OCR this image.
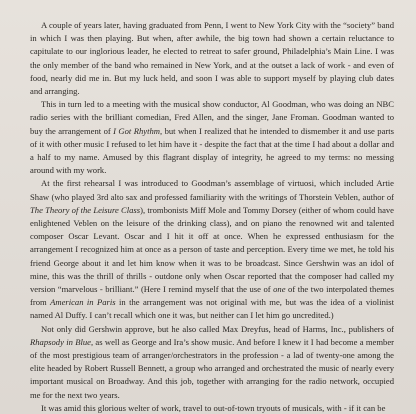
A couple of years later, having graduated from Penn, I went to New York City with the “society” band in which I was then playing. But when, after awhile, the big town had shown a certain reluctance to capitulate to our inglorious leader, he elected to retreat to safer ground, Philadelphia’s Main Line. I was the only member of the band who remained in New York, and at the outset a lack of work - and even of food, nearly did me in. But my luck held, and soon I was able to support myself by playing club dates and arranging.

This in turn led to a meeting with the musical show conductor, Al Goodman, who was doing an NBC radio series with the brilliant comedian, Fred Allen, and the singer, Jane Froman. Goodman wanted to buy the arrangement of I Got Rhythm, but when I realized that he intended to dismember it and use parts of it with other music I refused to let him have it - despite the fact that at the time I had about a dollar and a half to my name. Amused by this flagrant display of integrity, he agreed to my terms: no messing around with my work.

At the first rehearsal I was introduced to Goodman’s assemblage of virtuosi, which included Artie Shaw (who played 3rd alto sax and professed familiarity with the writings of Thorstein Veblen, author of The Theory of the Leisure Class), trombonists Miff Mole and Tommy Dorsey (either of whom could have enlightened Veblen on the leisure of the drinking class), and on piano the renowned wit and talented composer Oscar Levant. Oscar and I hit it off at once. When he expressed enthusiasm for the arrangement I recognized him at once as a person of taste and perception. Every time we met, he told his friend George about it and let him know when it was to be broadcast. Since Gershwin was an idol of mine, this was the thrill of thrills - outdone only when Oscar reported that the composer had called my version “marvelous - brilliant.” (Here I remind myself that the use of one of the two interpolated themes from American in Paris in the arrangement was not original with me, but was the idea of a violinist named Al Duffy. I can’t recall which one it was, but neither can I let him go uncredited.)

Not only did Gershwin approve, but he also called Max Dreyfus, head of Harms, Inc., publishers of Rhapsody in Blue, as well as George and Ira’s show music. And before I knew it I had become a member of the most prestigious team of arranger/orchestrators in the profession - a lad of twenty-one among the elite headed by Robert Russell Bennett, a group who arranged and orchestrated the music of nearly every important musical on Broadway. And this job, together with arranging for the radio network, occupied me for the next two years.

It was amid this glorious welter of work, travel to out-of-town tryouts of musicals, with - if it can be
